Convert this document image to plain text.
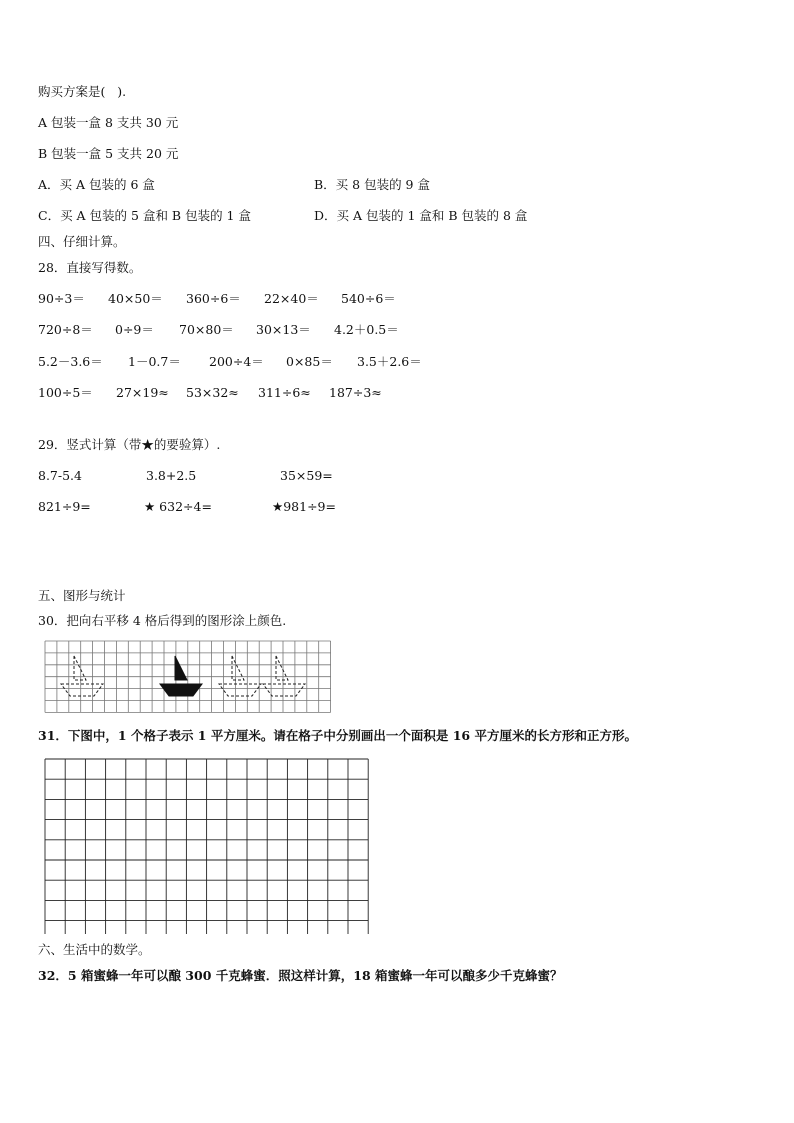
购买方案是(   ).
A 包装一盒 8 支共 30 元
B 包装一盒 5 支共 20 元
A．买 A 包装的 6 盒	B．买 8 包装的 9 盒
C．买 A 包装的 5 盒和 B 包装的 1 盒	D．买 A 包装的 1 盒和 B 包装的 8 盒
四、仔细计算。
28．直接写得数。
90÷3＝ 40×50＝ 360÷6＝ 22×40＝ 540÷6＝
720÷8＝ 0÷9＝ 70×80＝ 30×13＝ 4.2＋0.5＝
5.2－3.6＝ 1－0.7＝ 200÷4＝ 0×85＝ 3.5＋2.6＝
100÷5＝ 27×19≈ 53×32≈ 311÷6≈ 187÷3≈
29．竖式计算（带★的要验算）.
8.7-5.4	3.8+2.5	35×59=
821÷9=	★ 632÷4=	★981÷9=
五、图形与统计
30．把向右平移 4 格后得到的图形涂上颜色.
31．下图中，1 个格子表示 1 平方厘米。请在格子中分别画出一个面积是 16 平方厘米的长方形和正方形。
六、生活中的数学。
32．5 箱蜜蜂一年可以酿 300 千克蜂蜜．照这样计算，18 箱蜜蜂一年可以酿多少千克蜂蜜？
